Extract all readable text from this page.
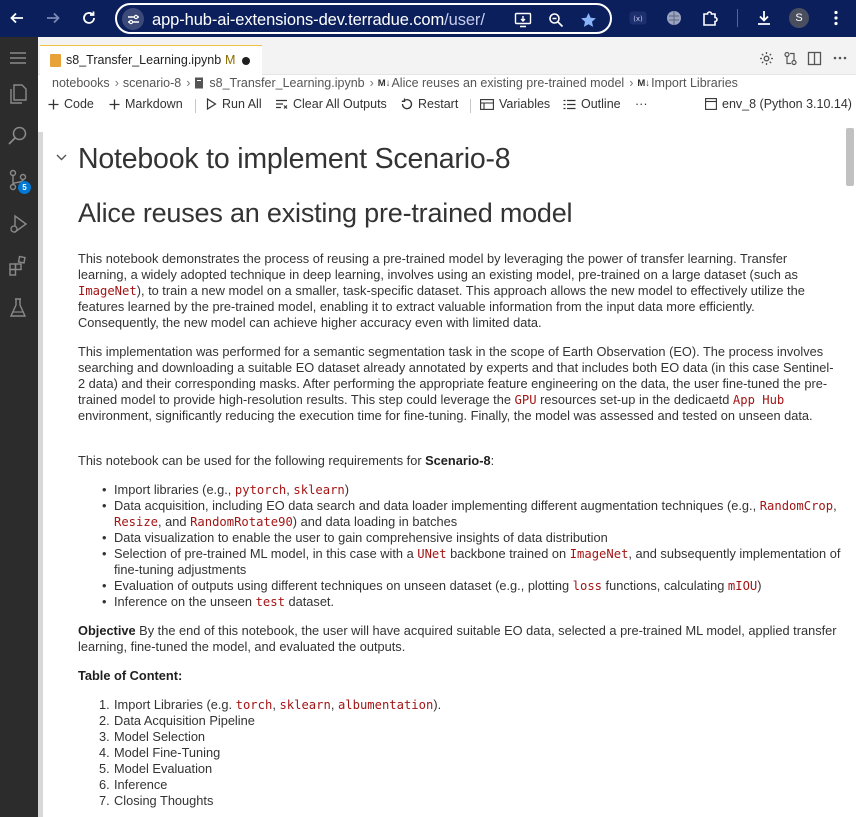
app-hub-ai-extensions-dev.terradue.com/user/	(x)	S
5
s8_Transfer_Learning.ipynb M
notebooks › scenario-8 › s8_Transfer_Learning.ipynb › M↓ Alice reuses an existing pre-trained model › M↓ Import Libraries
Code Markdown	Run All	Clear All Outputs Restart	Variables Outline ···	env_8 (Python 3.10.14)
Notebook to implement Scenario-8
Alice reuses an existing pre-trained model
This notebook demonstrates the process of reusing a pre-trained model by leveraging the power of transfer learning. Transfer learning, a widely adopted technique in deep learning, involves using an existing model, pre-trained on a large dataset (such as ImageNet), to train a new model on a smaller, task-specific dataset. This approach allows the new model to effectively utilize the features learned by the pre-trained model, enabling it to extract valuable information from the input data more efficiently. Consequently, the new model can achieve higher accuracy even with limited data.
This implementation was performed for a semantic segmentation task in the scope of Earth Observation (EO). The process involves searching and downloading a suitable EO dataset already annotated by experts and that includes both EO data (in this case Sentinel-2 data) and their corresponding masks. After performing the appropriate feature engineering on the data, the user fine-tuned the pre-trained model to provide high-resolution results. This step could leverage the GPU resources set-up in the dedicaetd App Hub environment, significantly reducing the execution time for fine-tuning. Finally, the model was assessed and tested on unseen data.
This notebook can be used for the following requirements for Scenario-8:
• Import libraries (e.g., pytorch, sklearn)
• Data acquisition, including EO data search and data loader implementing different augmentation techniques (e.g., RandomCrop, Resize, and RandomRotate90) and data loading in batches
• Data visualization to enable the user to gain comprehensive insights of data distribution
• Selection of pre-trained ML model, in this case with a UNet backbone trained on ImageNet, and subsequently implementation of fine-tuning adjustments
• Evaluation of outputs using different techniques on unseen dataset (e.g., plotting loss functions, calculating mIOU)
• Inference on the unseen test dataset.
Objective By the end of this notebook, the user will have acquired suitable EO data, selected a pre-trained ML model, applied transfer learning, fine-tuned the model, and evaluated the outputs.
Table of Content:
1. Import Libraries (e.g. torch, sklearn, albumentation).
2. Data Acquisition Pipeline
3. Model Selection
4. Model Fine-Tuning
5. Model Evaluation
6. Inference
7. Closing Thoughts
